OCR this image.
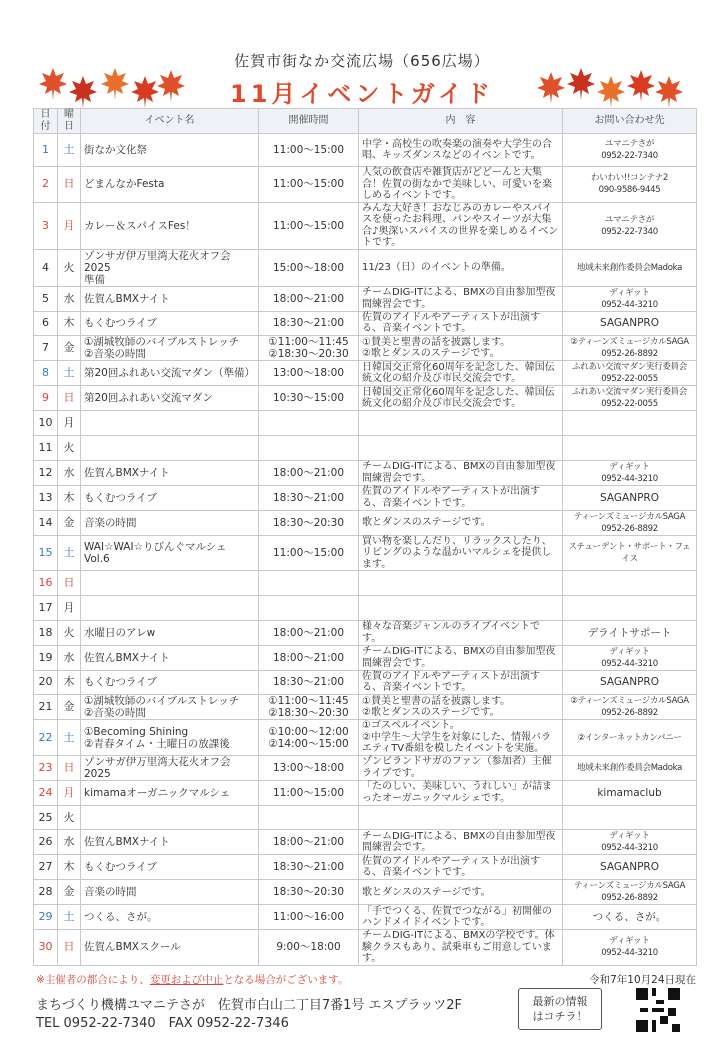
佐賀市街なか交流広場（656広場）
11月イベントガイド
日付	曜日	イベント名	開催時間	内　容	お問い合わせ先
1	土	街なか文化祭	11:00～15:00	中学・高校生の吹奏楽の演奏や大学生の合唱、キッズダンスなどのイベントです。	ユマニテさが
0952-22-7340
2	日	どまんなかFesta	11:00～15:00	人気の飲食店や雑貨店がどどーんと大集合！佐賀の街なかで美味しい、可愛いを楽しめるイベントです。	わいわい!!コンテナ2
090-9586-9445
3	月	カレー＆スパイスFes！	11:00～15:00	みんな大好き！おなじみのカレーやスパイスを使ったお料理、パンやスイーツが大集合♪奥深いスパイスの世界を楽しめるイベントです。	ユマニテさが
0952-22-7340
4	火	ゾンサガ伊万里湾大花火オフ会2025
準備	15:00～18:00	11/23（日）のイベントの準備。	地域未来創作委員会Madoka
5	水	佐賀んBMXナイト	18:00～21:00	チームDIG-ITによる、BMXの自由参加型夜間練習会です。	ディギット
0952-44-3210
6	木	もくむつライブ	18:30～21:00	佐賀のアイドルやアーティストが出演する、音楽イベントです。	SAGANPRO
7	金	①湖城牧師のバイブルストレッチ
②音楽の時間	①11:00～11:45
②18:30～20:30	①賛美と聖書の話を披露します。
②歌とダンスのステージです。	②ティーンズミュージカルSAGA
0952-26-8892
8	土	第20回ふれあい交流マダン（準備）	13:00～18:00	日韓国交正常化60周年を記念した、韓国伝統文化の紹介及び市民交流会です。	ふれあい交流マダン実行委員会
0952-22-0055
9	日	第20回ふれあい交流マダン	10:30～15:00	日韓国交正常化60周年を記念した、韓国伝統文化の紹介及び市民交流会です。	ふれあい交流マダン実行委員会
0952-22-0055
10	月				
11	火				
12	水	佐賀んBMXナイト	18:00～21:00	チームDIG-ITによる、BMXの自由参加型夜間練習会です。	ディギット
0952-44-3210
13	木	もくむつライブ	18:30～21:00	佐賀のアイドルやアーティストが出演する、音楽イベントです。	SAGANPRO
14	金	音楽の時間	18:30～20:30	歌とダンスのステージです。	ティーンズミュージカルSAGA
0952-26-8892
15	土	WAI☆WAI☆りびんぐマルシェ Vol.6	11:00～15:00	買い物を楽しんだり、リラックスしたり、リビングのような温かいマルシェを提供します。	スチューデント・サポート・フェイス
16	日				
17	月				
18	火	水曜日のアレw	18:00～21:00	様々な音楽ジャンルのライブイベントです。	デライトサポート
19	水	佐賀んBMXナイト	18:00～21:00	チームDIG-ITによる、BMXの自由参加型夜間練習会です。	ディギット
0952-44-3210
20	木	もくむつライブ	18:30～21:00	佐賀のアイドルやアーティストが出演する、音楽イベントです。	SAGANPRO
21	金	①湖城牧師のバイブルストレッチ
②音楽の時間	①11:00～11:45
②18:30～20:30	①賛美と聖書の話を披露します。
②歌とダンスのステージです。	②ティーンズミュージカルSAGA
0952-26-8892
22	土	①Becoming Shining
②青春タイム・土曜日の放課後	①10:00～12:00
②14:00～15:00	①ゴスペルイベント。
②中学生～大学生を対象にした、情報バラエティTV番組を模したイベントを実施。	②インターネットカンパニー
23	日	ゾンサガ伊万里湾大花火オフ会2025	13:00～18:00	ゾンビランドサガのファン（参加者）主催ライブです。	地域未来創作委員会Madoka
24	月	kimamaオーガニックマルシェ	11:00～15:00	「たのしい、美味しい、うれしい」が詰まったオーガニックマルシェです。	kimamaclub
25	火				
26	水	佐賀んBMXナイト	18:00～21:00	チームDIG-ITによる、BMXの自由参加型夜間練習会です。	ディギット
0952-44-3210
27	木	もくむつライブ	18:30～21:00	佐賀のアイドルやアーティストが出演する、音楽イベントです。	SAGANPRO
28	金	音楽の時間	18:30～20:30	歌とダンスのステージです。	ティーンズミュージカルSAGA
0952-26-8892
29	土	つくる、さが。	11:00～16:00	「手でつくる、佐賀でつながる」初開催のハンドメイドイベントです。	つくる、さが。
30	日	佐賀んBMXスクール	9:00～18:00	チームDIG-ITによる、BMXの学校です。体験クラスもあり、試乗車もご用意しています。	ディギット
0952-44-3210
※主催者の都合により、変更および中止となる場合がございます。	令和7年10月24日現在
まちづくり機構ユマニテさが　佐賀市白山二丁目7番1号 エスプラッツ2F
TEL 0952-22-7340　FAX 0952-22-7346
最新の情報
はコチラ！
